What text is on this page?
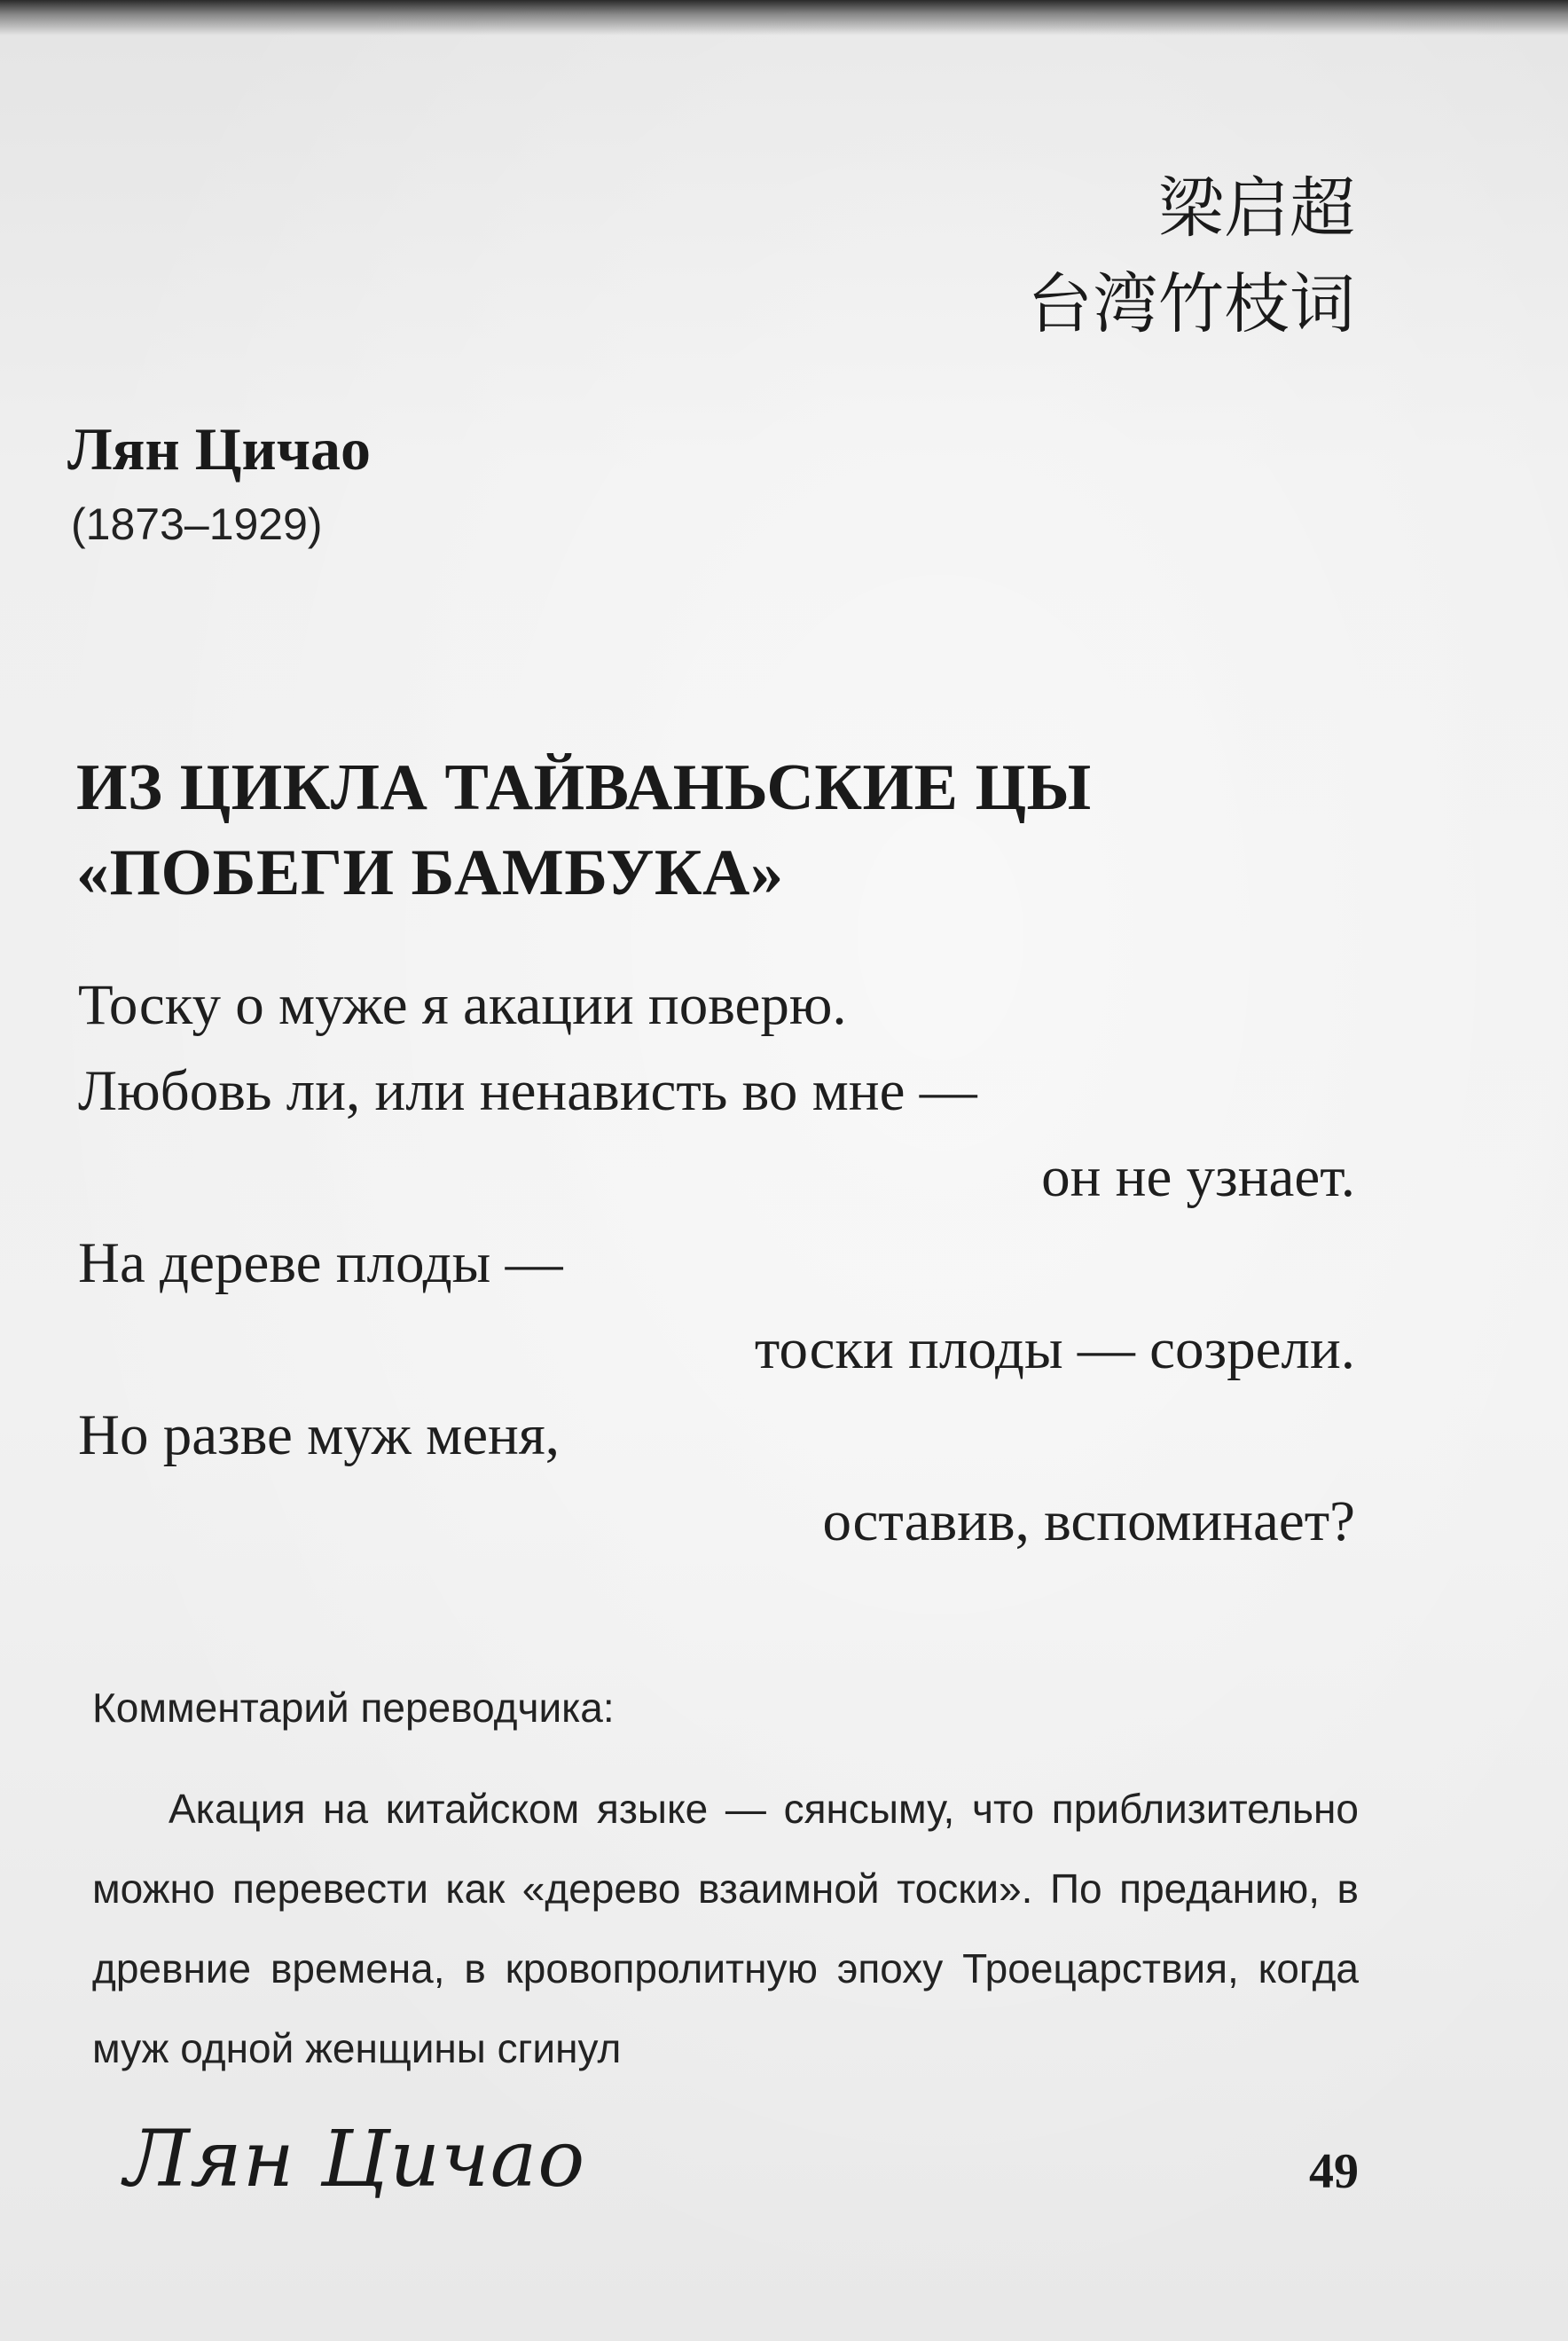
梁启超
台湾竹枝词
Лян Цичао
(1873–1929)
ИЗ ЦИКЛА ТАЙВАНЬСКИЕ ЦЫ
«ПОБЕГИ БАМБУКА»
Тоску о муже я акации поверю.
Любовь ли, или ненависть во мне —
он не узнает.
На дереве плоды —
тоски плоды — созрели.
Но разве муж меня,
оставив, вспоминает?
Комментарий переводчика:
Акация на китайском языке — сянсыму, что приблизительно можно перевести как «дерево взаимной тоски». По преданию, в древние времена, в кровопролитную эпоху Троецарствия, когда муж одной женщины сгинул
Лян Цичао	49
